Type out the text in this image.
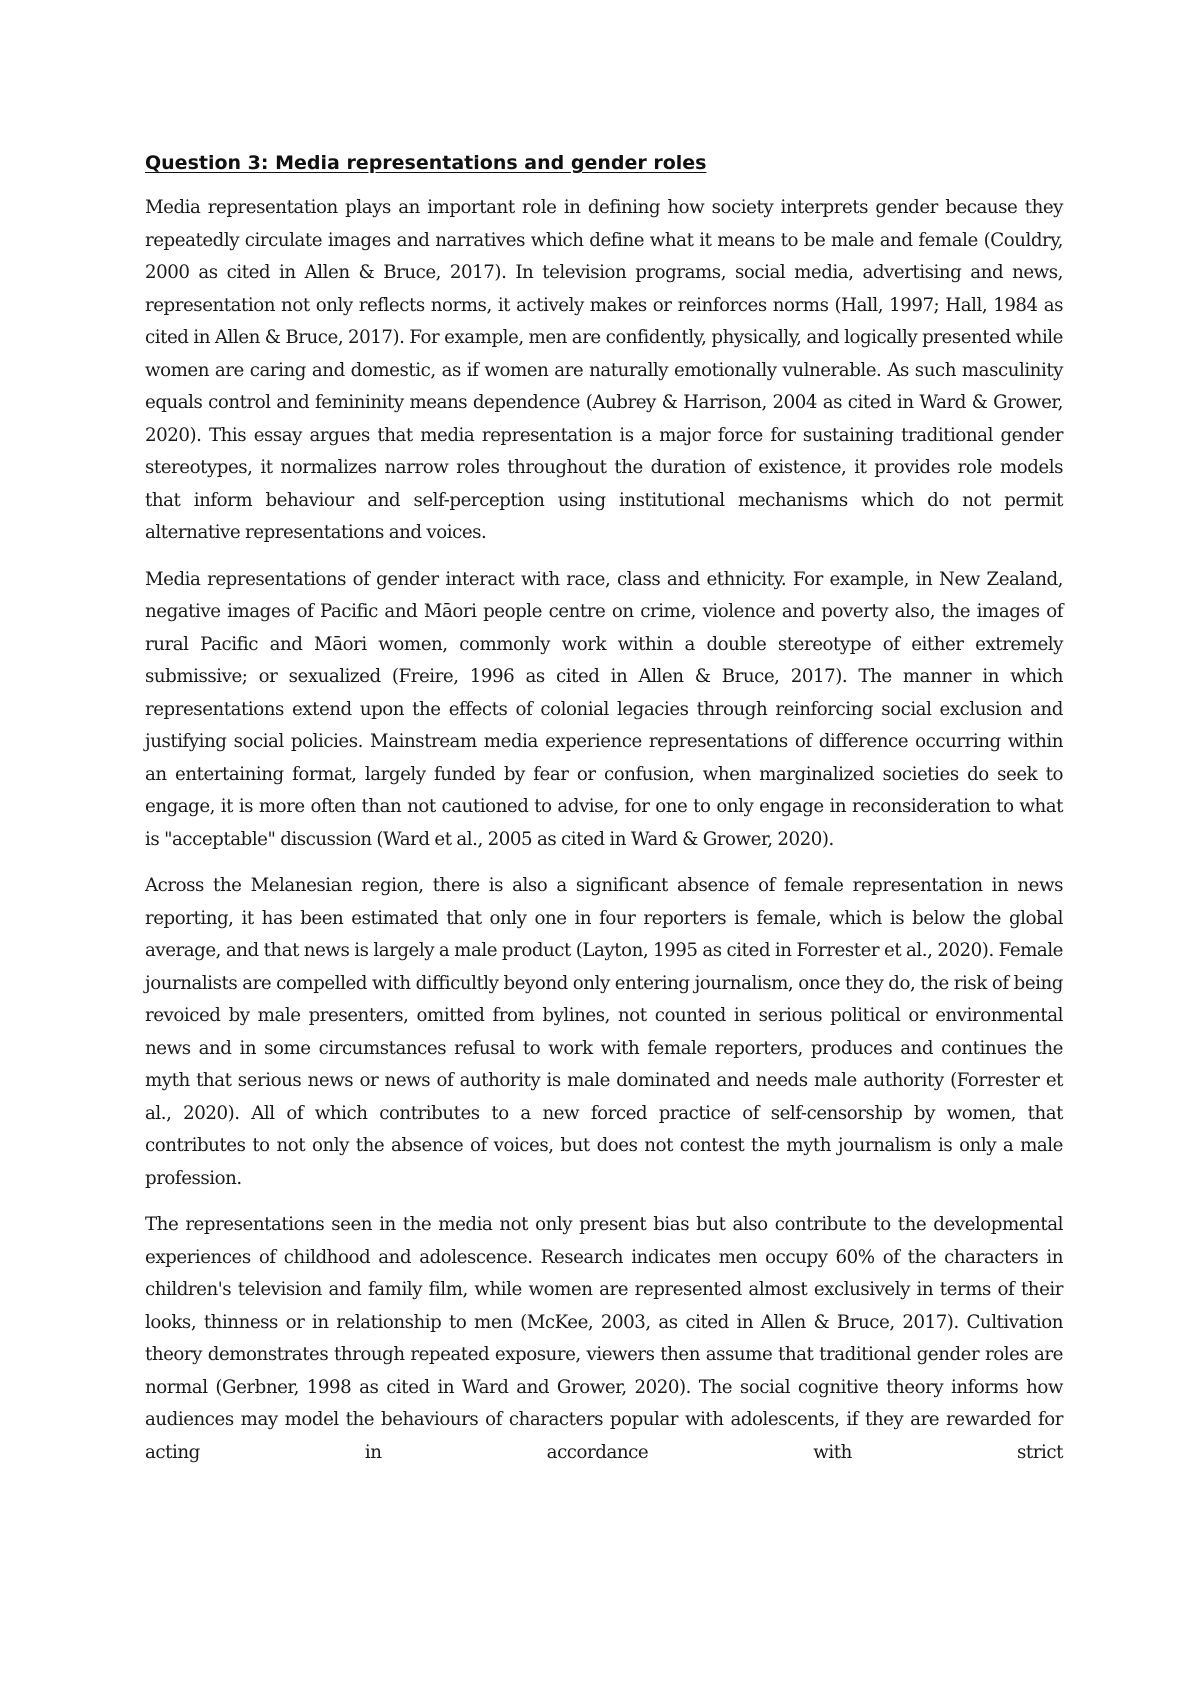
Question 3: Media representations and gender roles

Media representation plays an important role in defining how society interprets gender because they repeatedly circulate images and narratives which define what it means to be male and female (Couldry, 2000 as cited in Allen & Bruce, 2017). In television programs, social media, advertising and news, representation not only reflects norms, it actively makes or reinforces norms (Hall, 1997; Hall, 1984 as cited in Allen & Bruce, 2017). For example, men are confidently, physically, and logically presented while women are caring and domestic, as if women are naturally emotionally vulnerable. As such masculinity equals control and femininity means dependence (Aubrey & Harrison, 2004 as cited in Ward & Grower, 2020). This essay argues that media representation is a major force for sustaining traditional gender stereotypes, it normalizes narrow roles throughout the duration of existence, it provides role models that inform behaviour and self-perception using institutional mechanisms which do not permit alternative representations and voices.

Media representations of gender interact with race, class and ethnicity. For example, in New Zealand, negative images of Pacific and Māori people centre on crime, violence and poverty also, the images of rural Pacific and Māori women, commonly work within a double stereotype of either extremely submissive; or sexualized (Freire, 1996 as cited in Allen & Bruce, 2017). The manner in which representations extend upon the effects of colonial legacies through reinforcing social exclusion and justifying social policies. Mainstream media experience representations of difference occurring within an entertaining format, largely funded by fear or confusion, when marginalized societies do seek to engage, it is more often than not cautioned to advise, for one to only engage in reconsideration to what is "acceptable" discussion (Ward et al., 2005 as cited in Ward & Grower, 2020).

Across the Melanesian region, there is also a significant absence of female representation in news reporting, it has been estimated that only one in four reporters is female, which is below the global average, and that news is largely a male product (Layton, 1995 as cited in Forrester et al., 2020). Female journalists are compelled with difficultly beyond only entering journalism, once they do, the risk of being revoiced by male presenters, omitted from bylines, not counted in serious political or environmental news and in some circumstances refusal to work with female reporters, produces and continues the myth that serious news or news of authority is male dominated and needs male authority (Forrester et al., 2020). All of which contributes to a new forced practice of self-censorship by women, that contributes to not only the absence of voices, but does not contest the myth journalism is only a male profession.

The representations seen in the media not only present bias but also contribute to the developmental experiences of childhood and adolescence. Research indicates men occupy 60% of the characters in children's television and family film, while women are represented almost exclusively in terms of their looks, thinness or in relationship to men (McKee, 2003, as cited in Allen & Bruce, 2017). Cultivation theory demonstrates through repeated exposure, viewers then assume that traditional gender roles are normal (Gerbner, 1998 as cited in Ward and Grower, 2020). The social cognitive theory informs how audiences may model the behaviours of characters popular with adolescents, if they are rewarded for acting in accordance with strict
